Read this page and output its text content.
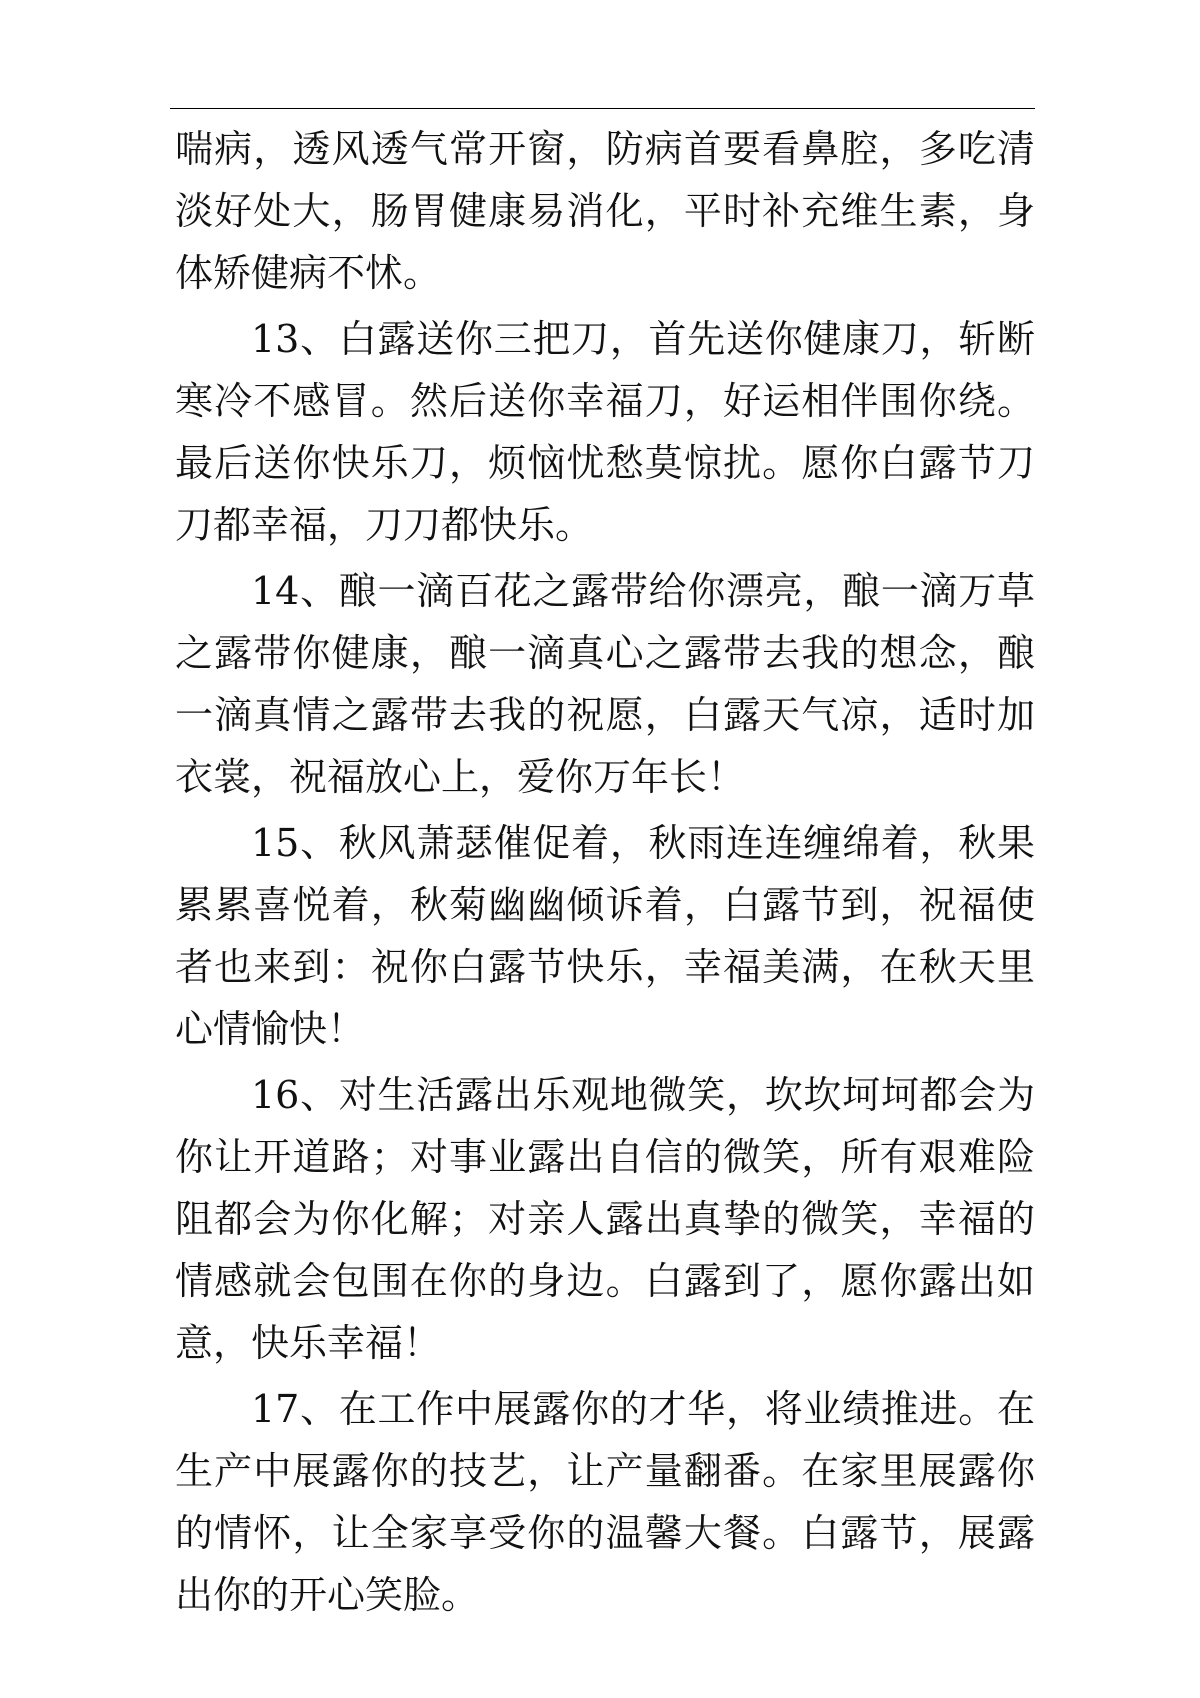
喘病，透风透气常开窗，防病首要看鼻腔，多吃清淡好处大，肠胃健康易消化，平时补充维生素，身体矫健病不怵。

13、白露送你三把刀，首先送你健康刀，斩断寒冷不感冒。然后送你幸福刀，好运相伴围你绕。最后送你快乐刀，烦恼忧愁莫惊扰。愿你白露节刀刀都幸福，刀刀都快乐。

14、酿一滴百花之露带给你漂亮，酿一滴万草之露带你健康，酿一滴真心之露带去我的想念，酿一滴真情之露带去我的祝愿，白露天气凉，适时加衣裳，祝福放心上，爱你万年长！

15、秋风萧瑟催促着，秋雨连连缠绵着，秋果累累喜悦着，秋菊幽幽倾诉着，白露节到，祝福使者也来到：祝你白露节快乐，幸福美满，在秋天里心情愉快！

16、对生活露出乐观地微笑，坎坎坷坷都会为你让开道路；对事业露出自信的微笑，所有艰难险阻都会为你化解；对亲人露出真挚的微笑，幸福的情感就会包围在你的身边。白露到了，愿你露出如意，快乐幸福！

17、在工作中展露你的才华，将业绩推进。在生产中展露你的技艺，让产量翻番。在家里展露你的情怀，让全家享受你的温馨大餐。白露节，展露出你的开心笑脸。
